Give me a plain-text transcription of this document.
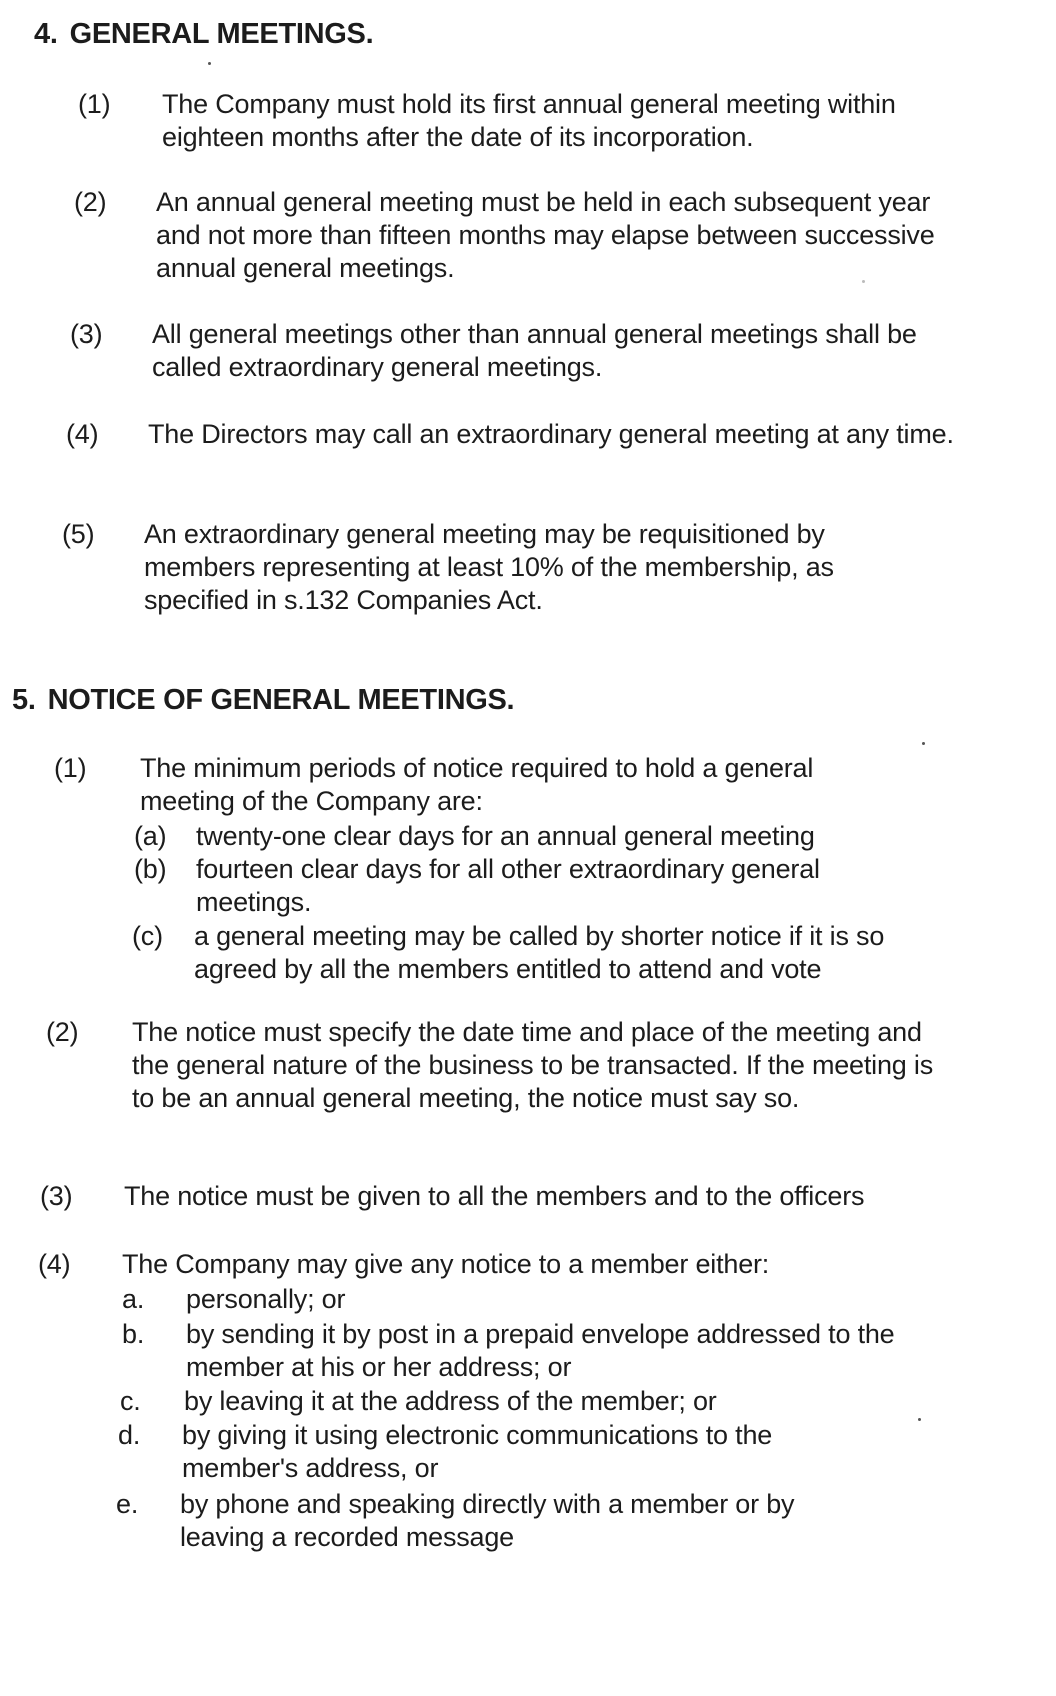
4. GENERAL MEETINGS.
(1) The Company must hold its first annual general meeting within eighteen months after the date of its incorporation.
(2) An annual general meeting must be held in each subsequent year and not more than fifteen months may elapse between successive annual general meetings.
(3) All general meetings other than annual general meetings shall be called extraordinary general meetings.
(4) The Directors may call an extraordinary general meeting at any time.
(5) An extraordinary general meeting may be requisitioned by members representing at least 10% of the membership, as specified in s.132 Companies Act.
5. NOTICE OF GENERAL MEETINGS.
(1) The minimum periods of notice required to hold a general meeting of the Company are:
(a) twenty-one clear days for an annual general meeting
(b) fourteen clear days for all other extraordinary general meetings.
(c) a general meeting may be called by shorter notice if it is so agreed by all the members entitled to attend and vote
(2) The notice must specify the date time and place of the meeting and the general nature of the business to be transacted. If the meeting is to be an annual general meeting, the notice must say so.
(3) The notice must be given to all the members and to the officers
(4) The Company may give any notice to a member either:
a. personally; or
b. by sending it by post in a prepaid envelope addressed to the member at his or her address; or
c. by leaving it at the address of the member; or
d. by giving it using electronic communications to the member's address, or
e. by phone and speaking directly with a member or by leaving a recorded message
